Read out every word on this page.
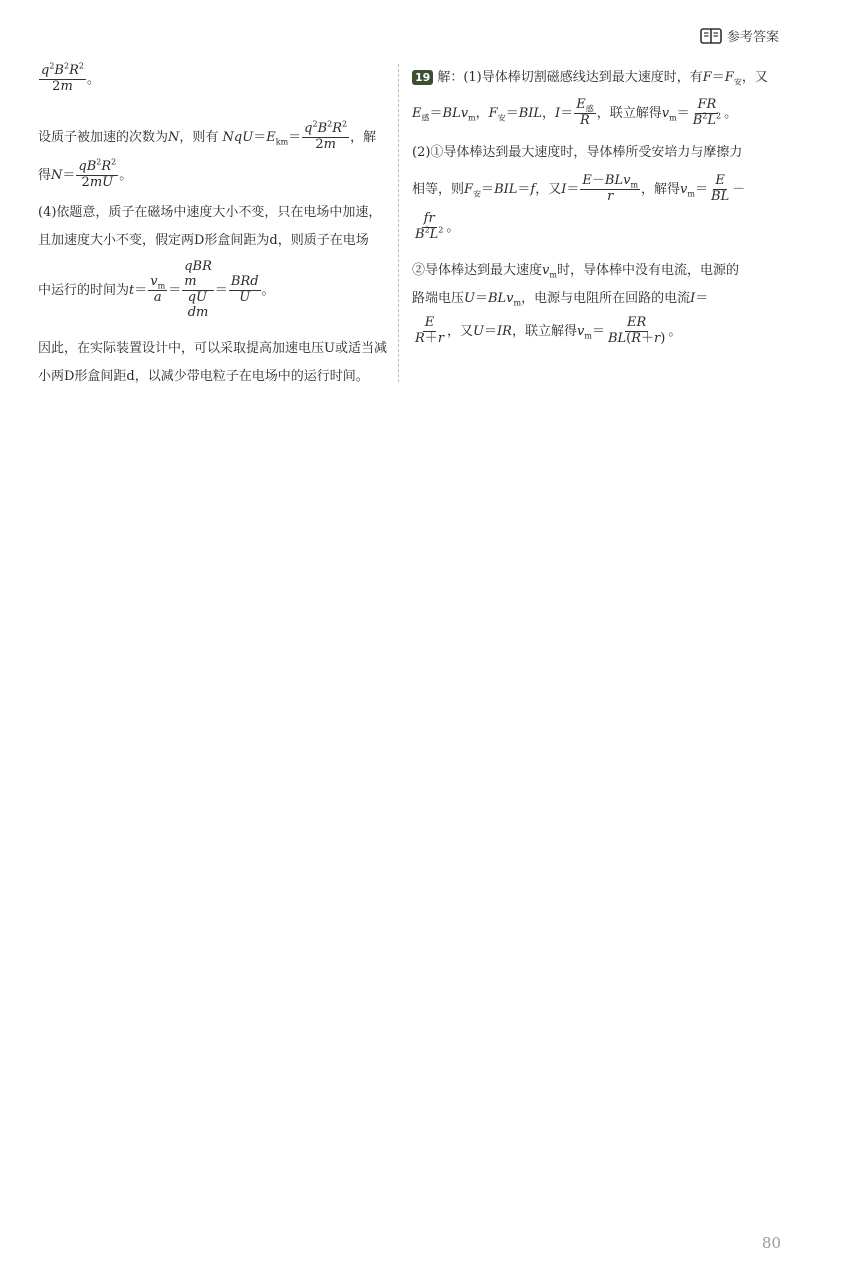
参考答案
$\frac{q^2B^2R^2}{2m}$ 。
设质子被加速的次数为N，则有 $NqU=E_{km}= \frac{q^2B^2R^2}{2m}$ ，解
得$N= \frac{qB^2R^2}{2mU}$ 。
(4)依题意，质子在磁场中速度大小不变，只在电场中加速，
且加速度大小不变，假定两D形盒间距为d，则质子在电场
中运行的时间为$t= \frac{v_m}{a}$ ＝
qBR
m
qU
dm
＝ $\frac{\text{BRd}}{U}$ 。
因此，在实际装置设计中，可以采取提高加速电压U或适当减
小两D形盒间距d，以减少带电粒子在电场中的运行时间。
19 解：(1)导体棒切割磁感线达到最大速度时，有$F=F_安$，又
$E_感=BLv_m$，$F_安=BIL$，$I= \frac{E_感}{R}$ ，联立解得$v_m= \frac{FR}{B^2L^2}$ 。
(2)①导体棒达到最大速度时，导体棒所受安培力与摩擦力
相等，则$F_安=BIL=f$，又$I= \frac{E-BLv_m}{r}$ ，解得$v_m= \frac{E}{BL}$ －
$\frac{fr}{B^2L^2}$ 。
②导体棒达到最大速度$v_m$时，导体棒中没有电流，电源的
路端电压U＝BLv$_m$，电源与电阻所在回路的电流I＝
$\frac{E}{R+r}$ ，又U＝IR，联立解得$v_m= \frac{ER}{BL(R+r)}$ 。
80
